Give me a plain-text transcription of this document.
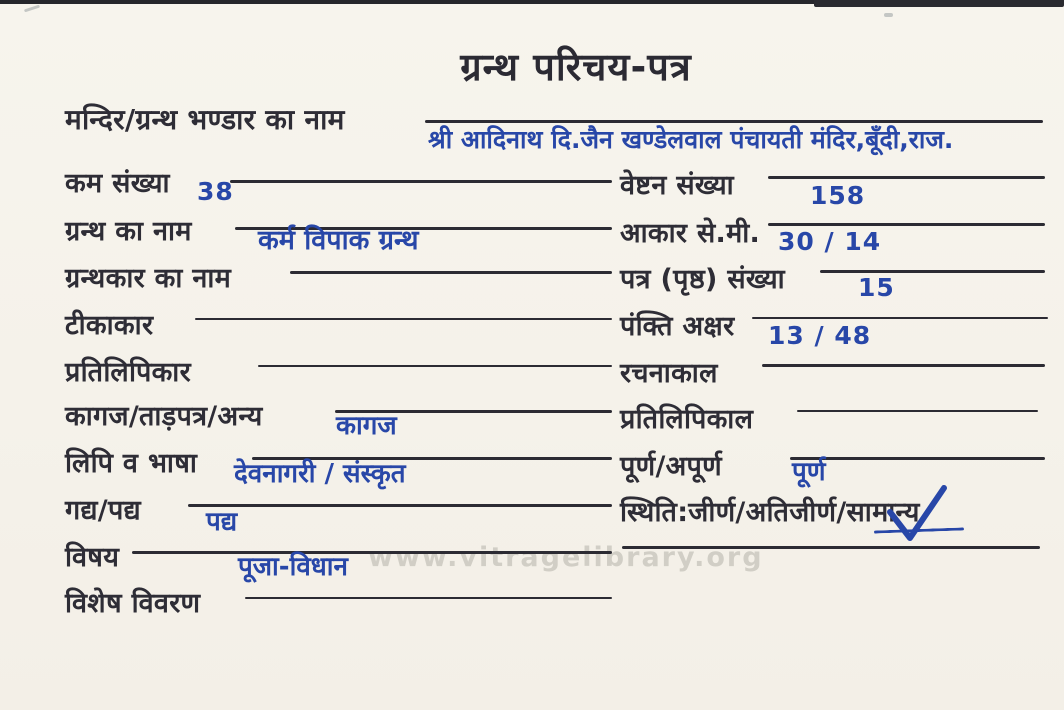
www.vitragelibrary.org
ग्रन्थ परिचय-पत्र
मन्दिर/ग्रन्थ भण्डार का नाम
श्री आदिनाथ दि.जैन खण्डेलवाल पंचायती मंदिर,बूँदी,राज.
कम संख्या 38
ग्रन्थ का नाम कर्म विपाक ग्रन्थ
ग्रन्थकार का नाम
टीकाकार
प्रतिलिपिकार
कागज/ताड़पत्र/अन्य	कागज
लिपि व भाषा देवनागरी / संस्कृत
गद्य/पद्य	पद्य
विषय	पूजा-विधान
विशेष विवरण
वेष्टन संख्या	158
आकार से.मी. 30 / 14
पत्र (पृष्ठ) संख्या	15
पंक्ति अक्षर 13 / 48
रचनाकाल
प्रतिलिपिकाल
पूर्ण/अपूर्ण	पूर्ण
स्थिति:जीर्ण/अतिजीर्ण/सामान्य
